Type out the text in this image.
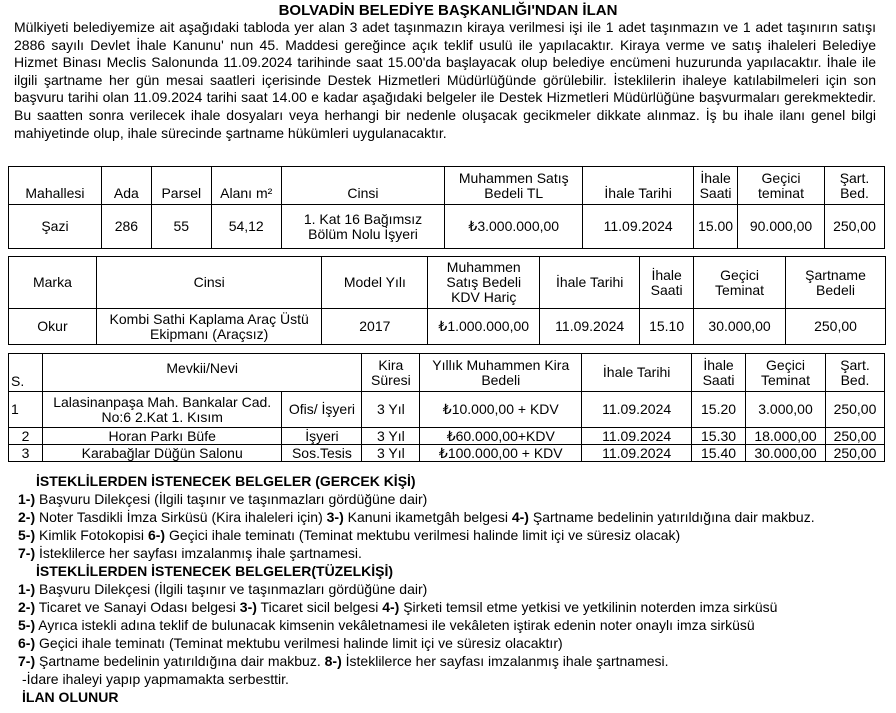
BOLVADİN BELEDİYE BAŞKANLIĞI'NDAN İLAN
Mülkiyeti belediyemize ait aşağıdaki tabloda yer alan 3 adet taşınmazın kiraya verilmesi işi ile 1 adet taşınmazın ve 1 adet taşınırın satışı 2886 sayılı Devlet İhale Kanunu' nun 45. Maddesi gereğince açık teklif usulü ile yapılacaktır. Kiraya verme ve satış ihaleleri Belediye Hizmet Binası Meclis Salonunda 11.09.2024 tarihinde saat 15.00'da başlayacak olup belediye encümeni huzurunda yapılacaktır. İhale ile ilgili şartname her gün mesai saatleri içerisinde Destek Hizmetleri Müdürlüğünde görülebilir. İsteklilerin ihaleye katılabilmeleri için son başvuru tarihi olan 11.09.2024 tarihi saat 14.00 e kadar aşağıdaki belgeler ile Destek Hizmetleri Müdürlüğüne başvurmaları gerekmektedir. Bu saatten sonra verilecek ihale dosyaları veya herhangi bir nedenle oluşacak gecikmeler dikkate alınmaz. İş bu ihale ilanı genel bilgi mahiyetinde olup, ihale sürecinde şartname hükümleri uygulanacaktır.
Mahallesi	Ada	Parsel	Alanı m²	Cinsi	Muhammen Satış Bedeli TL	İhale Tarihi	İhale Saati	Geçici teminat	Şart. Bed.
Şazi	286	55	54,12	1. Kat 16 Bağımsız Bölüm Nolu İşyeri	₺3.000.000,00	11.09.2024	15.00	90.000,00	250,00
Marka	Cinsi	Model Yılı	Muhammen Satış Bedeli KDV Hariç	İhale Tarihi	İhale Saati	Geçici Teminat	Şartname Bedeli
Okur	Kombi Sathi Kaplama Araç Üstü Ekipmanı (Araçsız)	2017	₺1.000.000,00	11.09.2024	15.10	30.000,00	250,00
S.	Mevkii/Nevi		Kira Süresi	Yıllık Muhammen Kira Bedeli	İhale Tarihi	İhale Saati	Geçici Teminat	Şart. Bed.
1	Lalasinanpaşa Mah. Bankalar Cad. No:6 2.Kat 1. Kısım	Ofis/ İşyeri	3 Yıl	₺10.000,00 + KDV	11.09.2024	15.20	3.000,00	250,00
2	Horan Parkı Büfe	İşyeri	3 Yıl	₺60.000,00+KDV	11.09.2024	15.30	18.000,00	250,00
3	Karabağlar Düğün Salonu	Sos.Tesis	3 Yıl	₺100.000,00 + KDV	11.09.2024	15.40	30.000,00	250,00
İSTEKLİLERDEN İSTENECEK BELGELER (GERCEK KİŞİ)
1-) Başvuru Dilekçesi (İlgili taşınır ve taşınmazları gördüğüne dair)
2-) Noter Tasdikli İmza Sirküsü (Kira ihaleleri için) 3-) Kanuni ikametgâh belgesi 4-) Şartname bedelinin yatırıldığına dair makbuz.
5-) Kimlik Fotokopisi 6-) Geçici ihale teminatı (Teminat mektubu verilmesi halinde limit içi ve süresiz olacak)
7-) İsteklilerce her sayfası imzalanmış ihale şartnamesi.
İSTEKLİLERDEN İSTENECEK BELGELER(TÜZELKİŞİ)
1-) Başvuru Dilekçesi (İlgili taşınır ve taşınmazları gördüğüne dair)
2-) Ticaret ve Sanayi Odası belgesi 3-) Ticaret sicil belgesi 4-) Şirketi temsil etme yetkisi ve yetkilinin noterden imza sirküsü
5-) Ayrıca istekli adına teklif de bulunacak kimsenin vekâletnamesi ile vekâleten iştirak edenin noter onaylı imza sirküsü
6-) Geçici ihale teminatı (Teminat mektubu verilmesi halinde limit içi ve süresiz olacaktır)
7-) Şartname bedelinin yatırıldığına dair makbuz. 8-) İsteklilerce her sayfası imzalanmış ihale şartnamesi.
-İdare ihaleyi yapıp yapmamakta serbesttir.
İLAN OLUNUR
